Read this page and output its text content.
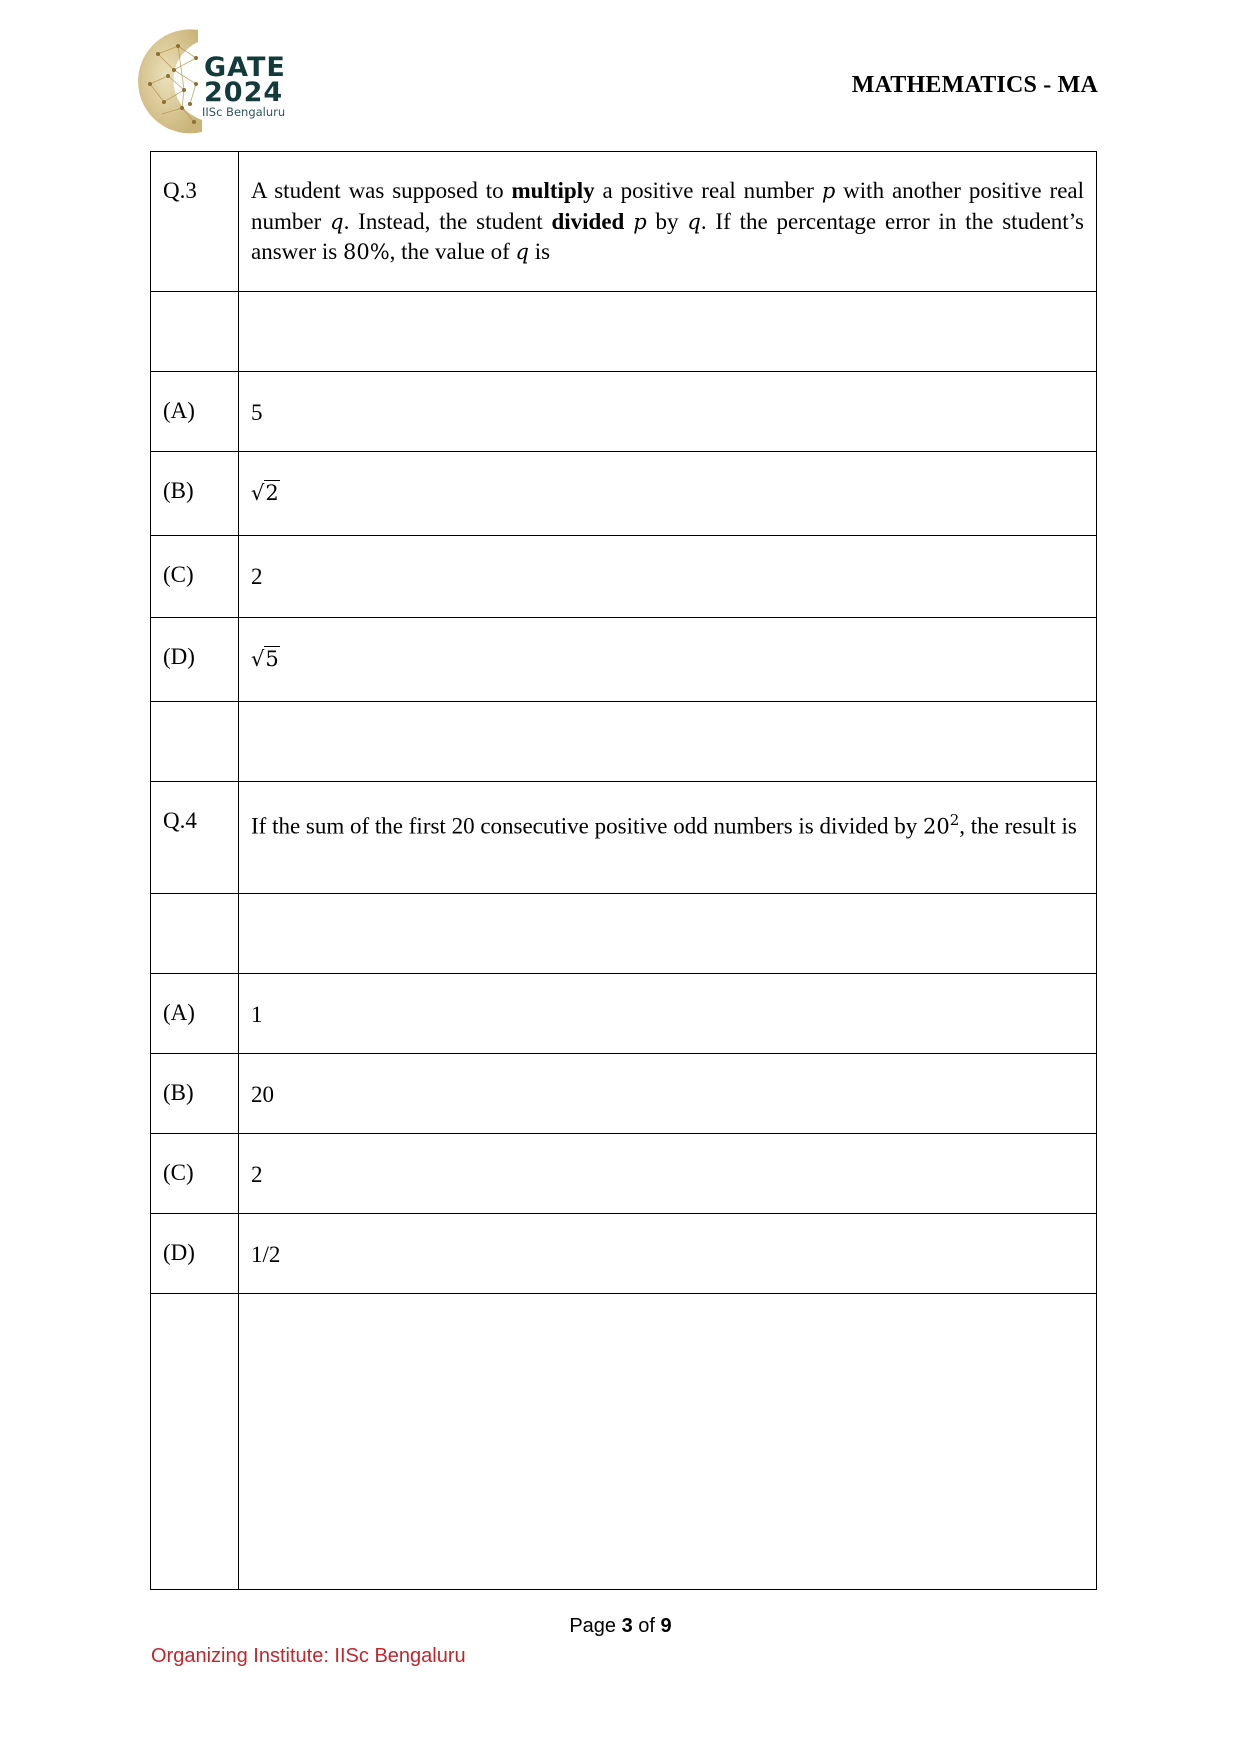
GATE
2024
IISc Bengaluru
MATHEMATICS - MA
Q.3	A student was supposed to multiply a positive real number p with another positive real number q. Instead, the student divided p by q. If the percentage error in the student’s answer is 80%, the value of q is

(A)	5
(B)	√2
(C)	2
(D)	√5

Q.4	If the sum of the first 20 consecutive positive odd numbers is divided by $20^2$, the result is

(A)	1
(B)	20
(C)	2
(D)	1/2

Page 3 of 9
Organizing Institute: IISc Bengaluru
